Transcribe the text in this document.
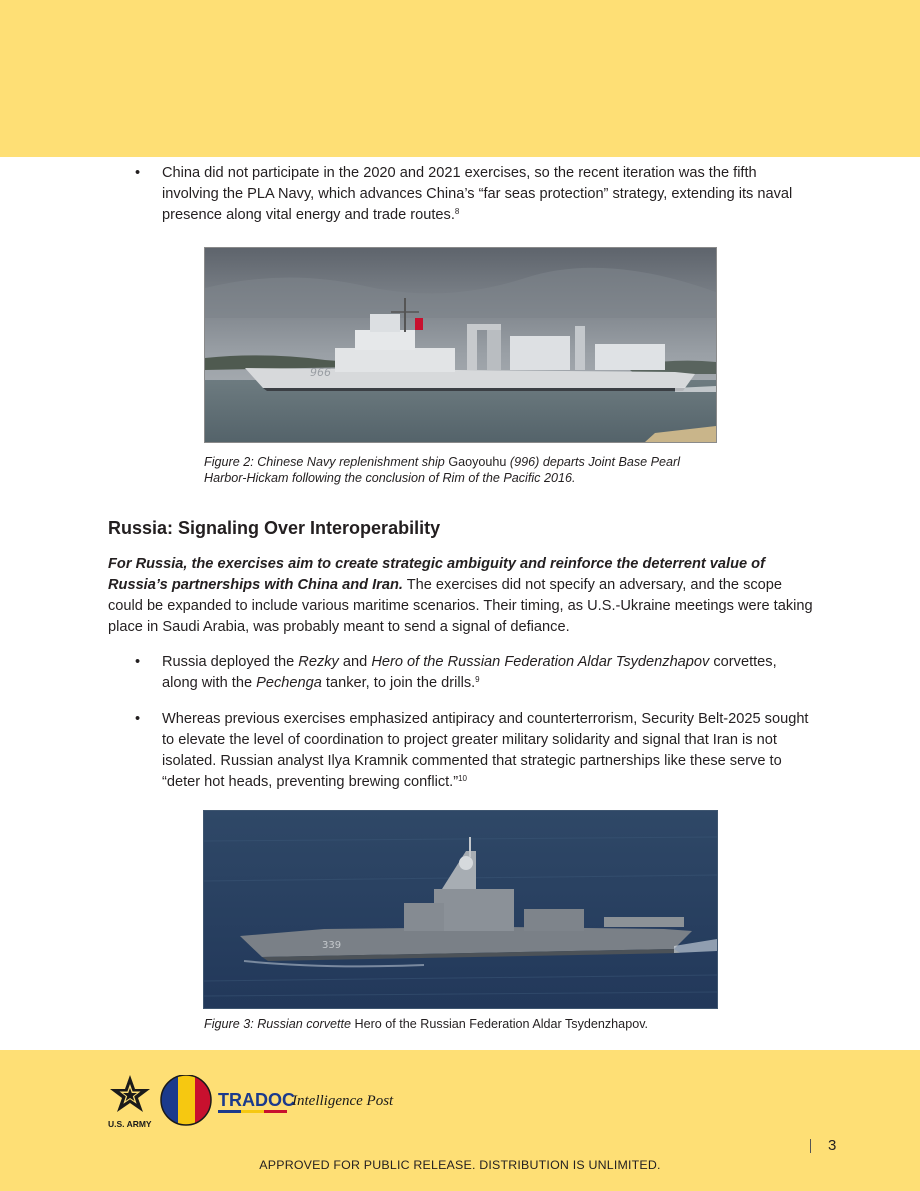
• China did not participate in the 2020 and 2021 exercises, so the recent iteration was the fifth involving the PLA Navy, which advances China’s “far seas protection” strategy, extending its naval presence along vital energy and trade routes.$^8$
966
Figure 2: Chinese Navy replenishment ship Gaoyouhu (996) departs Joint Base Pearl Harbor-Hickam following the conclusion of Rim of the Pacific 2016.
Russia: Signaling Over Interoperability
For Russia, the exercises aim to create strategic ambiguity and reinforce the deterrent value of Russia’s partnerships with China and Iran. The exercises did not specify an adversary, and the scope could be expanded to include various maritime scenarios. Their timing, as U.S.-Ukraine meetings were taking place in Saudi Arabia, was probably meant to send a signal of defiance.
• Russia deployed the Rezky and Hero of the Russian Federation Aldar Tsydenzhapov corvettes, along with the Pechenga tanker, to join the drills.$^9$
• Whereas previous exercises emphasized antipiracy and counterterrorism, Security Belt-2025 sought to elevate the level of coordination to project greater military solidarity and signal that Iran is not isolated. Russian analyst Ilya Kramnik commented that strategic partnerships like these serve to “deter hot heads, preventing brewing conflict.”$^{10}$
339
Figure 3: Russian corvette Hero of the Russian Federation Aldar Tsydenzhapov.
U.S. ARMY
TRADOC
Intelligence Post
3
APPROVED FOR PUBLIC RELEASE. DISTRIBUTION IS UNLIMITED.
